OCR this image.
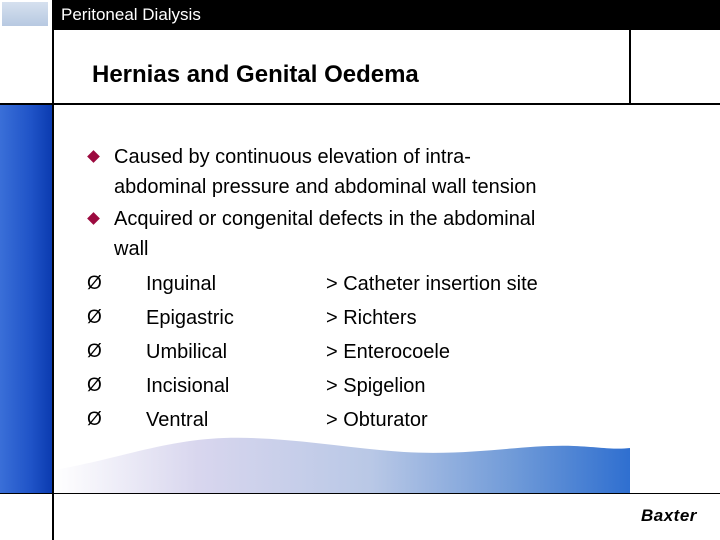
Peritoneal Dialysis
Hernias and Genital Oedema
Caused by continuous elevation of intra-
abdominal pressure and abdominal wall tension
Acquired or congenital defects in the abdominal
wall
Ø Inguinal	> Catheter insertion site
Ø Epigastric	> Richters
Ø Umbilical	> Enterocoele
Ø Incisional	> Spigelion
Ø Ventral	> Obturator
Baxter
